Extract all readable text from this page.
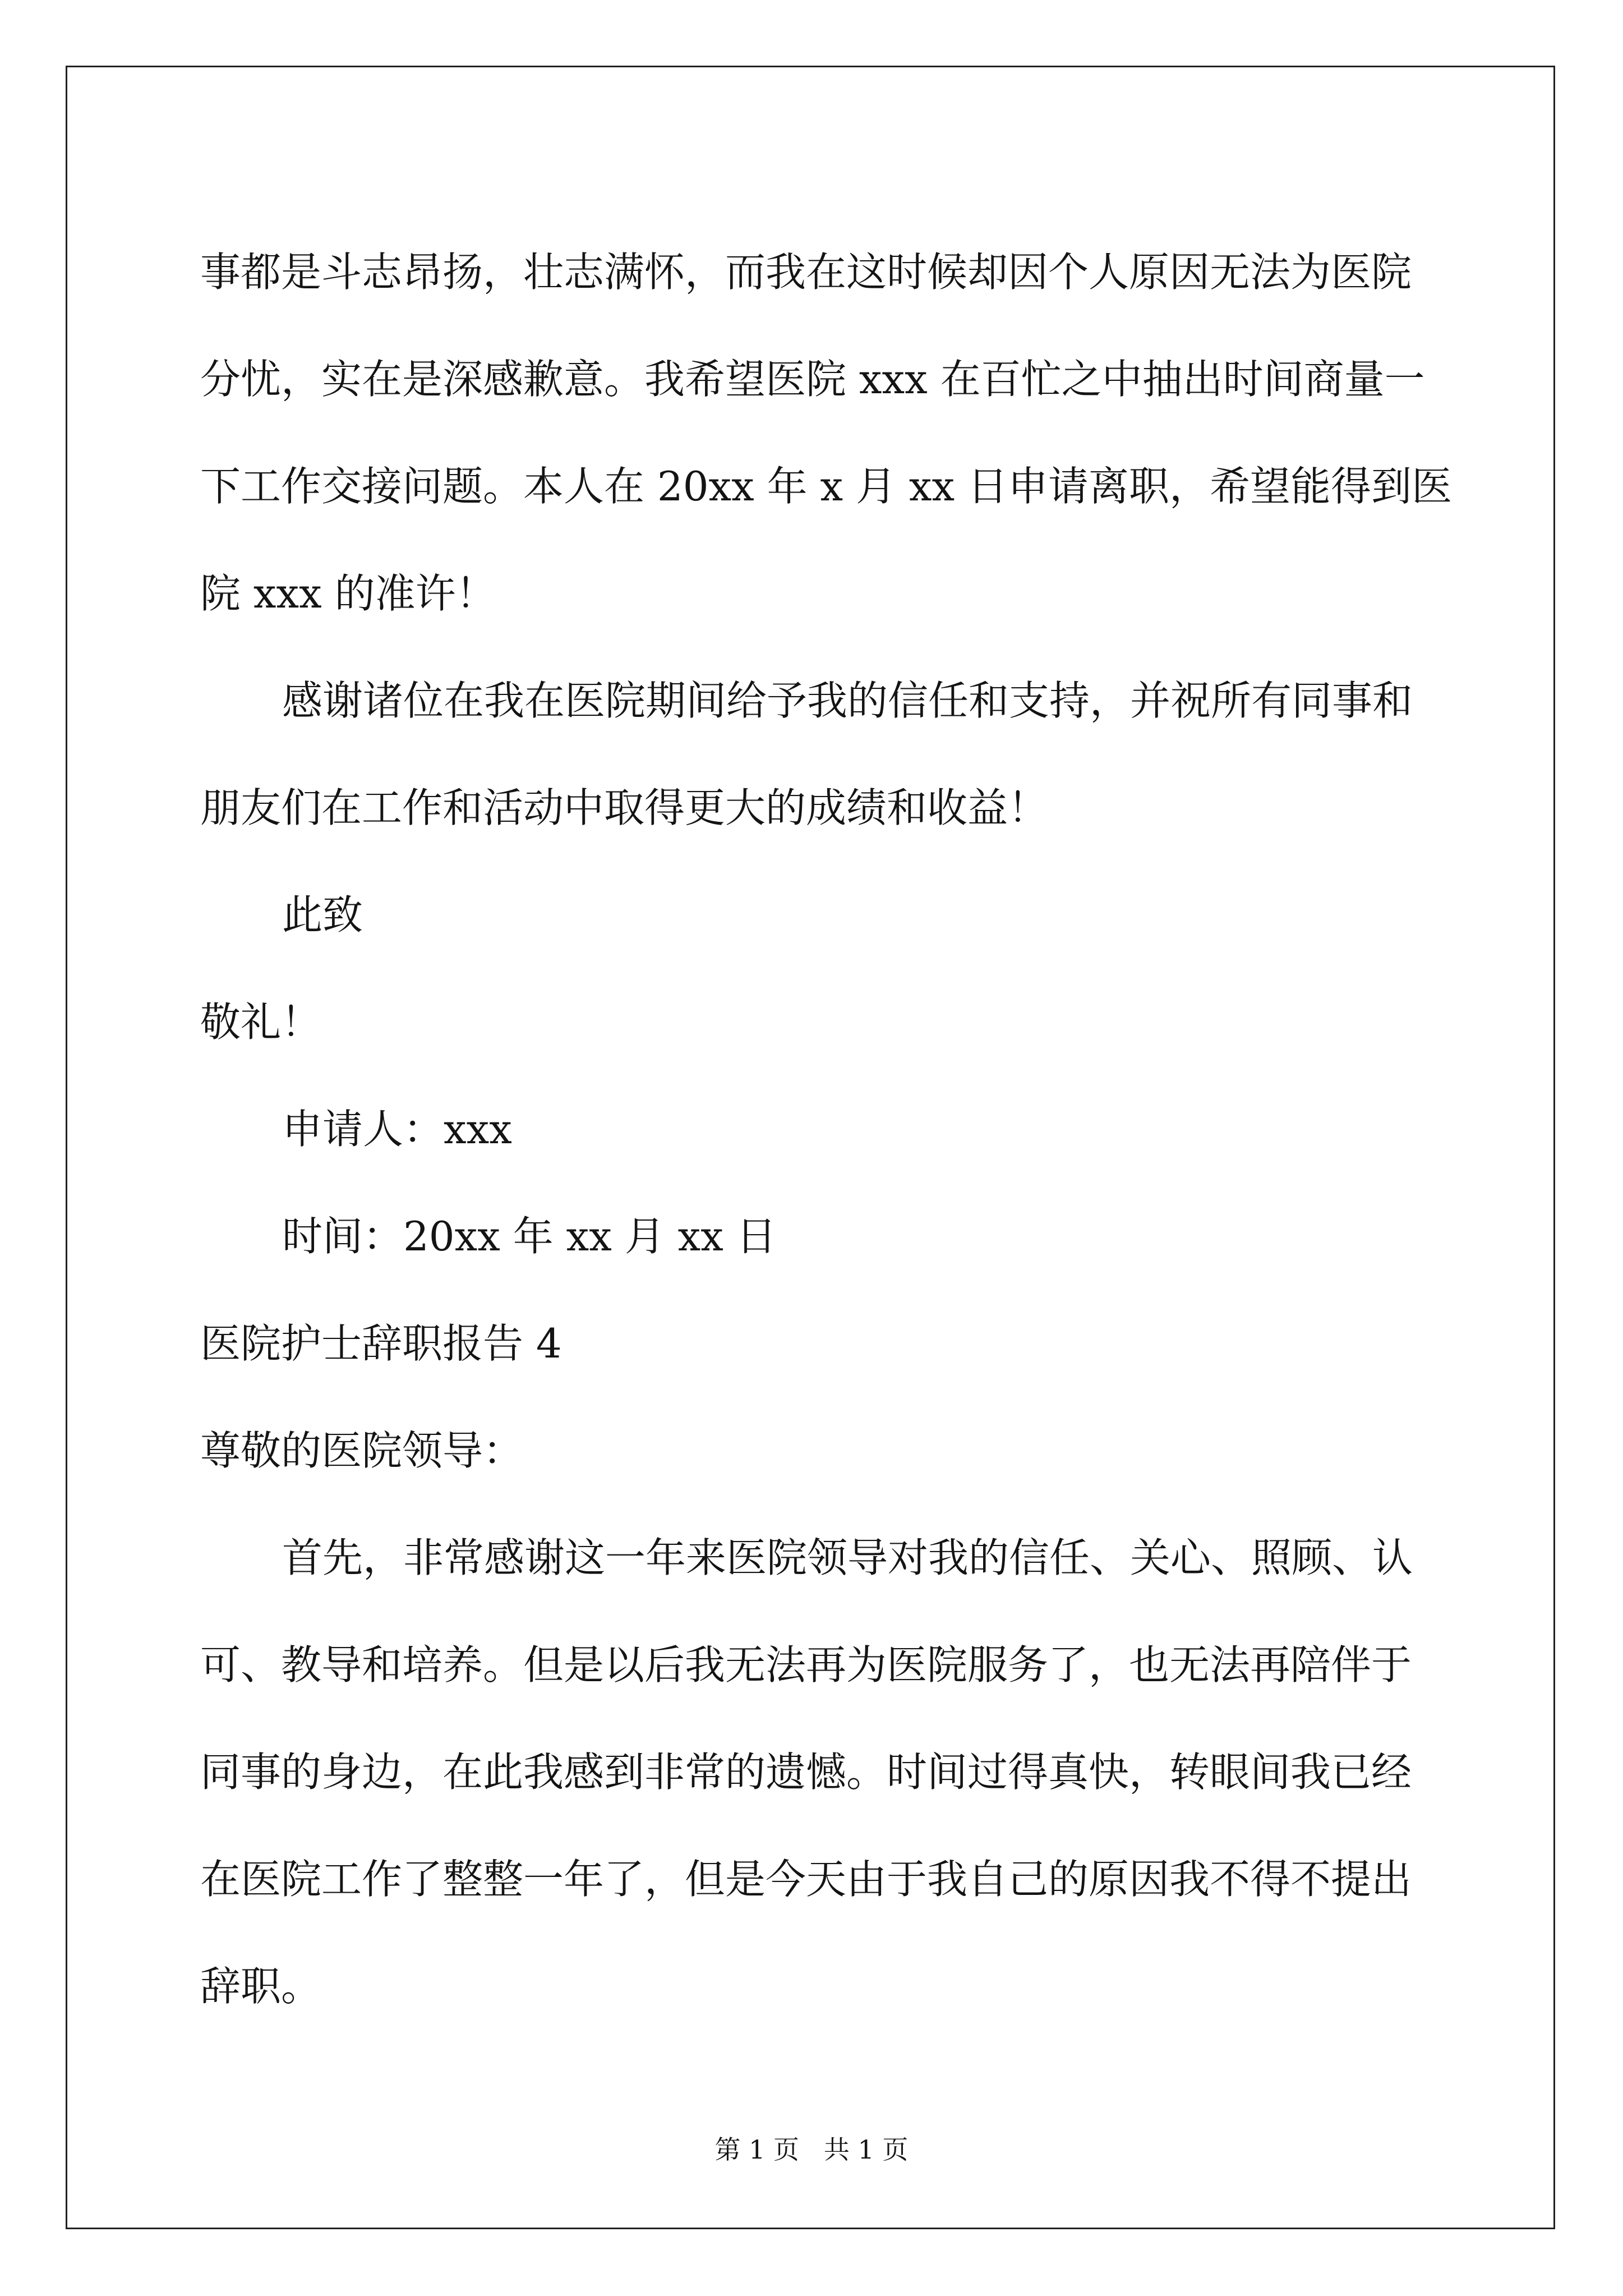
事都是斗志昂扬，壮志满怀，而我在这时候却因个人原因无法为医院

分忧，实在是深感歉意。我希望医院 xxx 在百忙之中抽出时间商量一

下工作交接问题。本人在 20xx 年 x 月 xx 日申请离职，希望能得到医

院 xxx 的准许！

感谢诸位在我在医院期间给予我的信任和支持，并祝所有同事和

朋友们在工作和活动中取得更大的成绩和收益！

此致

敬礼！

申请人：xxx

时间：20xx 年 xx 月 xx 日

医院护士辞职报告 4

尊敬的医院领导：

首先，非常感谢这一年来医院领导对我的信任、关心、照顾、认

可、教导和培养。但是以后我无法再为医院服务了，也无法再陪伴于

同事的身边，在此我感到非常的遗憾。时间过得真快，转眼间我已经

在医院工作了整整一年了，但是今天由于我自己的原因我不得不提出

辞职。

第 1 页   共 1 页
